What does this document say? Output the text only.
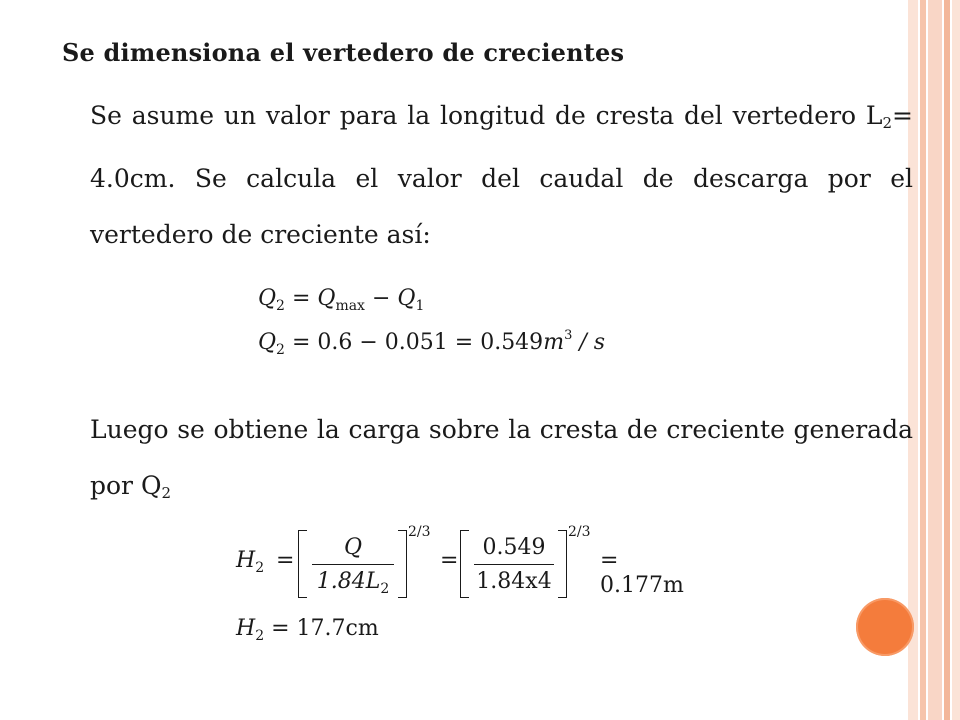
Se dimensiona el vertedero de crecientes
Se asume un valor para la longitud de cresta del vertedero $L_2= 4.0cm$. Se calcula el valor del caudal de descarga por el vertedero de creciente así:
$Q_2 = Q_{max} - Q_1$
$Q_2 = 0.6 - 0.051 = 0.549m^3 / s$
Luego se obtiene la carga sobre la cresta de creciente generada por $Q_2$
$H_2$ =
Q
$1.84L_2$
2/3
=
0.549
1.84x4
2/3
= 0.177m
$H_2 = 17.7cm$
